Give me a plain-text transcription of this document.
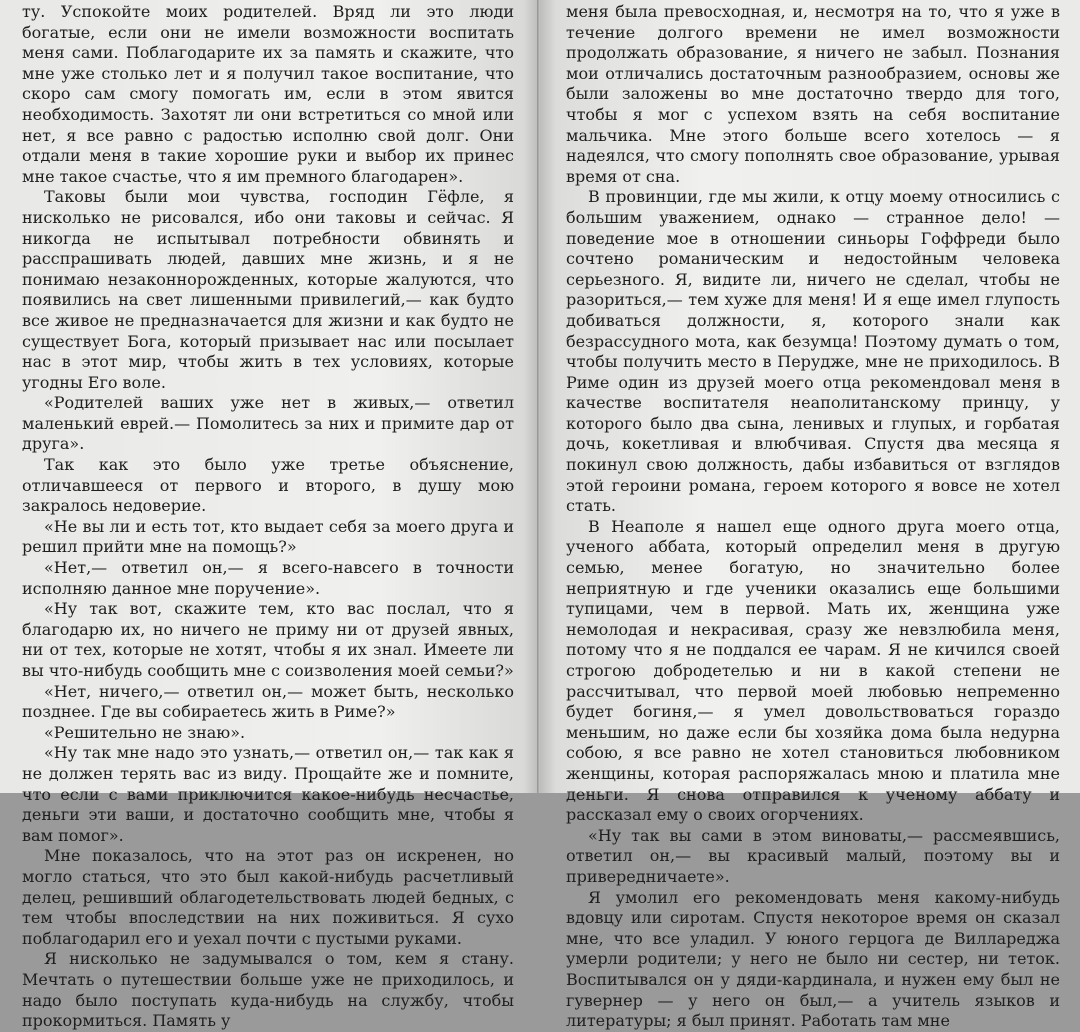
ту. Успокойте моих родителей. Вряд ли это люди богатые, если они не имели возможности воспитать меня сами. Поблагодарите их за память и скажите, что мне уже столько лет и я получил такое воспитание, что скоро сам смогу помогать им, если в этом явится необходимость. Захотят ли они встретиться со мной или нет, я все равно с радостью исполню свой долг. Они отдали меня в такие хорошие руки и выбор их принес мне такое счастье, что я им премного благодарен».

Таковы были мои чувства, господин Гёфле, я нисколько не рисовался, ибо они таковы и сейчас. Я никогда не испытывал потребности обвинять и расспрашивать людей, давших мне жизнь, и я не понимаю незаконнорожденных, которые жалуются, что появились на свет лишенными привилегий,— как будто все живое не предназначается для жизни и как будто не существует Бога, который призывает нас или посылает нас в этот мир, чтобы жить в тех условиях, которые угодны Его воле.

«Родителей ваших уже нет в живых,— ответил маленький еврей.— Помолитесь за них и примите дар от друга».

Так как это было уже третье объяснение, отличавшееся от первого и второго, в душу мою закралось недоверие.

«Не вы ли и есть тот, кто выдает себя за моего друга и решил прийти мне на помощь?»

«Нет,— ответил он,— я всего-навсего в точности исполняю данное мне поручение».

«Ну так вот, скажите тем, кто вас послал, что я благодарю их, но ничего не приму ни от друзей явных, ни от тех, которые не хотят, чтобы я их знал. Имеете ли вы что-нибудь сообщить мне с соизволения моей семьи?»

«Нет, ничего,— ответил он,— может быть, несколько позднее. Где вы собираетесь жить в Риме?»

«Решительно не знаю».

«Ну так мне надо это узнать,— ответил он,— так как я не должен терять вас из виду. Прощайте же и помните, что если с вами приключится какое-нибудь несчастье, деньги эти ваши, и достаточно сообщить мне, чтобы я вам помог».

Мне показалось, что на этот раз он искренен, но могло статься, что это был какой-нибудь расчетливый делец, решивший облагодетельствовать людей бедных, с тем чтобы впоследствии на них поживиться. Я сухо поблагодарил его и уехал почти с пустыми руками.

Я нисколько не задумывался о том, кем я стану. Мечтать о путешествии больше уже не приходилось, и надо было поступать куда-нибудь на службу, чтобы прокормиться. Память у

меня была превосходная, и, несмотря на то, что я уже в течение долгого времени не имел возможности продолжать образование, я ничего не забыл. Познания мои отличались достаточным разнообразием, основы же были заложены во мне достаточно твердо для того, чтобы я мог с успехом взять на себя воспитание мальчика. Мне этого больше всего хотелось — я надеялся, что смогу пополнять свое образование, урывая время от сна.

В провинции, где мы жили, к отцу моему относились с большим уважением, однако — странное дело! — поведение мое в отношении синьоры Гоффреди было сочтено романическим и недостойным человека серьезного. Я, видите ли, ничего не сделал, чтобы не разориться,— тем хуже для меня! И я еще имел глупость добиваться должности, я, которого знали как безрассудного мота, как безумца! Поэтому думать о том, чтобы получить место в Перудже, мне не приходилось. В Риме один из друзей моего отца рекомендовал меня в качестве воспитателя неаполитанскому принцу, у которого было два сына, ленивых и глупых, и горбатая дочь, кокетливая и влюбчивая. Спустя два месяца я покинул свою должность, дабы избавиться от взглядов этой героини романа, героем которого я вовсе не хотел стать.

В Неаполе я нашел еще одного друга моего отца, ученого аббата, который определил меня в другую семью, менее богатую, но значительно более неприятную и где ученики оказались еще большими тупицами, чем в первой. Мать их, женщина уже немолодая и некрасивая, сразу же невзлюбила меня, потому что я не поддался ее чарам. Я не кичился своей строгою добродетелью и ни в какой степени не рассчитывал, что первой моей любовью непременно будет богиня,— я умел довольствоваться гораздо меньшим, но даже если бы хозяйка дома была недурна собою, я все равно не хотел становиться любовником женщины, которая распоряжалась мною и платила мне деньги. Я снова отправился к ученому аббату и рассказал ему о своих огорчениях.

«Ну так вы сами в этом виноваты,— рассмеявшись, ответил он,— вы красивый малый, поэтому вы и привередничаете».

Я умолил его рекомендовать меня какому-нибудь вдовцу или сиротам. Спустя некоторое время он сказал мне, что все уладил. У юного герцога де Виллареджа умерли родители; у него не было ни сестер, ни теток. Воспитывался он у дяди-кардинала, и нужен ему был не гувернер — у него он был,— а учитель языков и литературы; я был принят. Работать там мне
